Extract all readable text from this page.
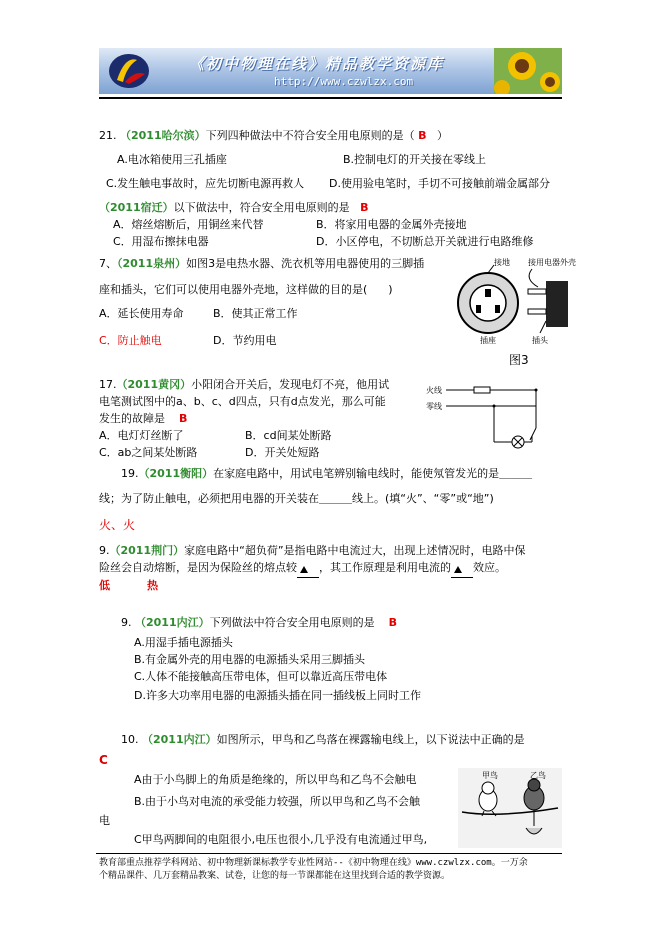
《初中物理在线》精品教学资源库
http://www.czwlzx.com
21. （2011哈尔滨）下列四种做法中不符合安全用电原则的是（ B ）
A.电冰箱使用三孔插座	B.控制电灯的开关接在零线上
C.发生触电事故时，应先切断电源再救人 D.使用验电笔时，手切不可接触前端金属部分
（2011宿迁）以下做法中，符合安全用电原则的是 B
A．熔丝熔断后，用铜丝来代替	B．将家用电器的金属外壳接地
C．用湿布擦抹电器	D．小区停电，不切断总开关就进行电路维修
7、（2011泉州）如图3是电热水器、洗衣机等用电器使用的三脚插
座和插头，它们可以使用电器外壳地，这样做的目的是( )
A．延长使用寿命	B．使其正常工作
C．防止触电	D．节约用电
接地 接用电器外壳
插座	插头
图3
17.（2011黄冈）小阳闭合开关后，发现电灯不亮，他用试
电笔测试图中的a、b、c、d四点，只有d点发光，那么可能
发生的故障是 B
A．电灯灯丝断了	B．cd间某处断路
C．ab之间某处断路	D．开关处短路
火线
零线
19.（2011衡阳）在家庭电路中，用试电笔辨别输电线时，能使氖管发光的是＿＿＿
线；为了防止触电，必须把用电器的开关装在＿＿＿线上。(填“火”、“零”或“地”)
火、火
9.（2011荆门）家庭电路中“超负荷”是指电路中电流过大，出现上述情况时，电路中保
险丝会自动熔断，是因为保险丝的熔点较 ，其工作原理是利用电流的 效应。
低	热
9. （2011内江）下列做法中符合安全用电原则的是 B
A.用湿手插电源插头
B.有金属外壳的用电器的电源插头采用三脚插头
C.人体不能接触高压带电体，但可以靠近高压带电体
D.许多大功率用电器的电源插头插在同一插线板上同时工作
10. （2011内江）如图所示，甲鸟和乙鸟落在裸露输电线上，以下说法中正确的是
C
A由于小鸟脚上的角质是绝缘的，所以甲鸟和乙鸟不会触电
B.由于小鸟对电流的承受能力较强，所以甲鸟和乙鸟不会触
电
C甲鸟两脚间的电阻很小,电压也很小,几乎没有电流通过甲鸟,
甲鸟	乙鸟
教育部重点推荐学科网站、初中物理新课标教学专业性网站--《初中物理在线》www.czwlzx.com。一万余
个精品课件、几万套精品教案、试卷，让您的每一节课都能在这里找到合适的教学资源。
